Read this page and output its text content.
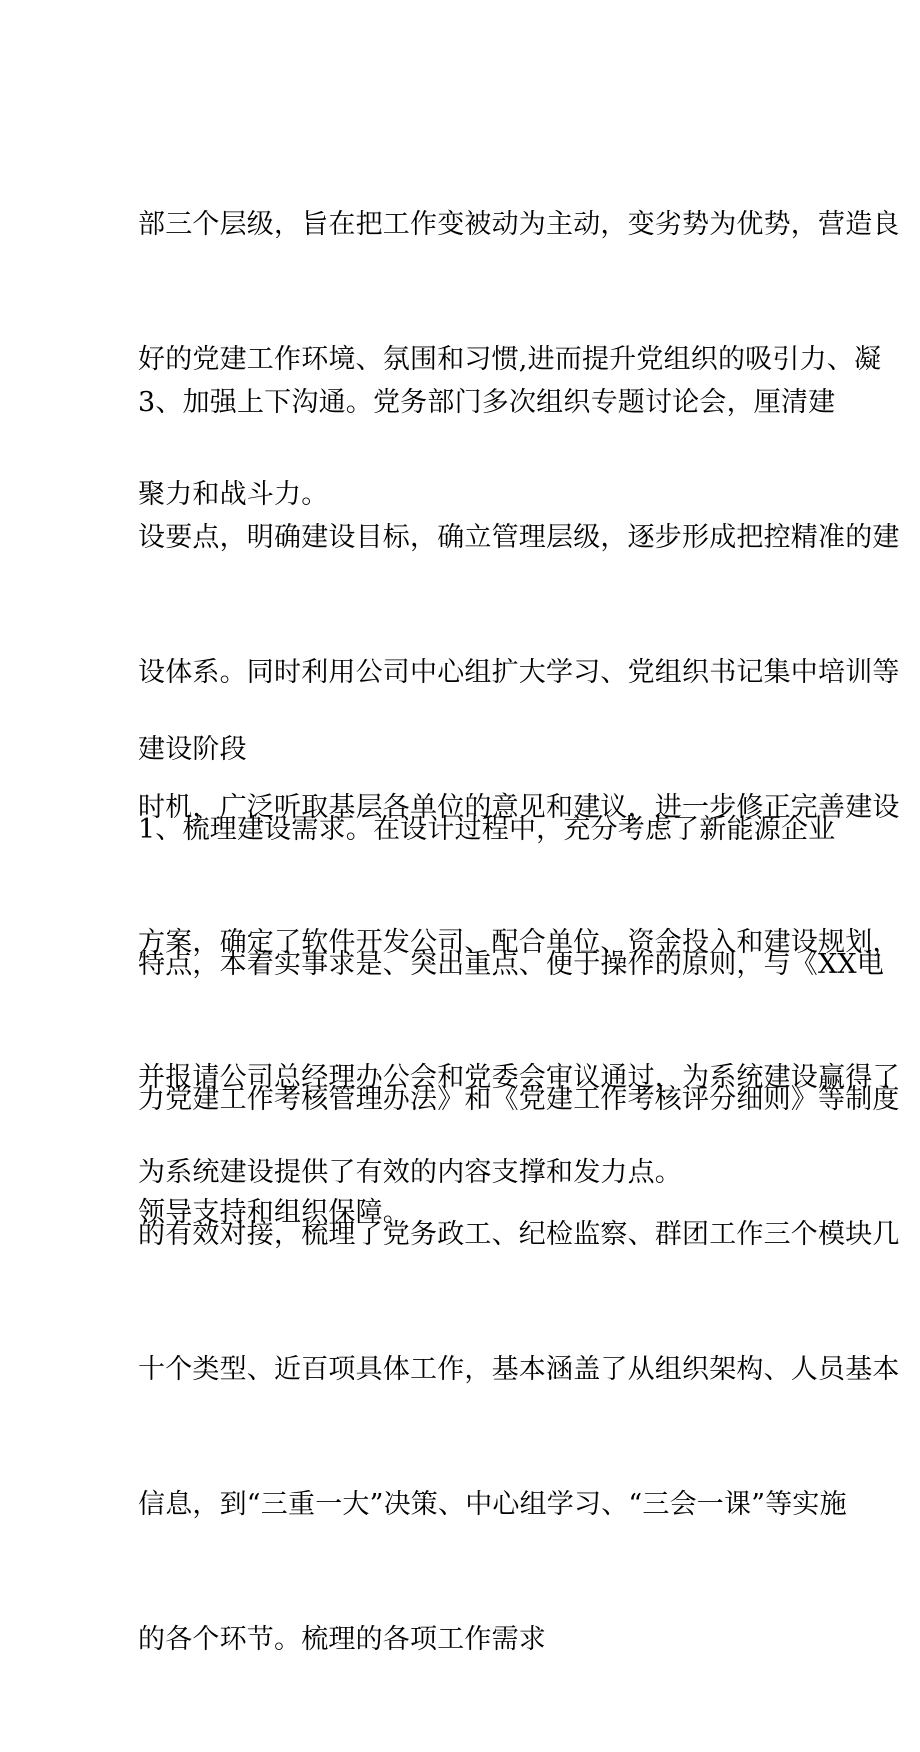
部三个层级，旨在把工作变被动为主动，变劣势为优势，营造良

好的党建工作环境、氛围和习惯,进而提升党组织的吸引力、凝

聚力和战斗力。

3、加强上下沟通。党务部门多次组织专题讨论会，厘清建

设要点，明确建设目标，确立管理层级，逐步形成把控精准的建

设体系。同时利用公司中心组扩大学习、党组织书记集中培训等

时机，广泛听取基层各单位的意见和建议，进一步修正完善建设

方案，确定了软件开发公司、配合单位、资金投入和建设规划，

并报请公司总经理办公会和党委会审议通过，为系统建设赢得了

领导支持和组织保障。

建设阶段

1、梳理建设需求。在设计过程中，充分考虑了新能源企业

特点，本着实事求是、突出重点、便于操作的原则，与《XX电

力党建工作考核管理办法》和《党建工作考核评分细则》等制度

的有效对接，梳理了党务政工、纪检监察、群团工作三个模块几

十个类型、近百项具体工作，基本涵盖了从组织架构、人员基本

信息，到“三重一大”决策、中心组学习、“三会一课”等实施

的各个环节。梳理的各项工作需求

为系统建设提供了有效的内容支撑和发力点。
